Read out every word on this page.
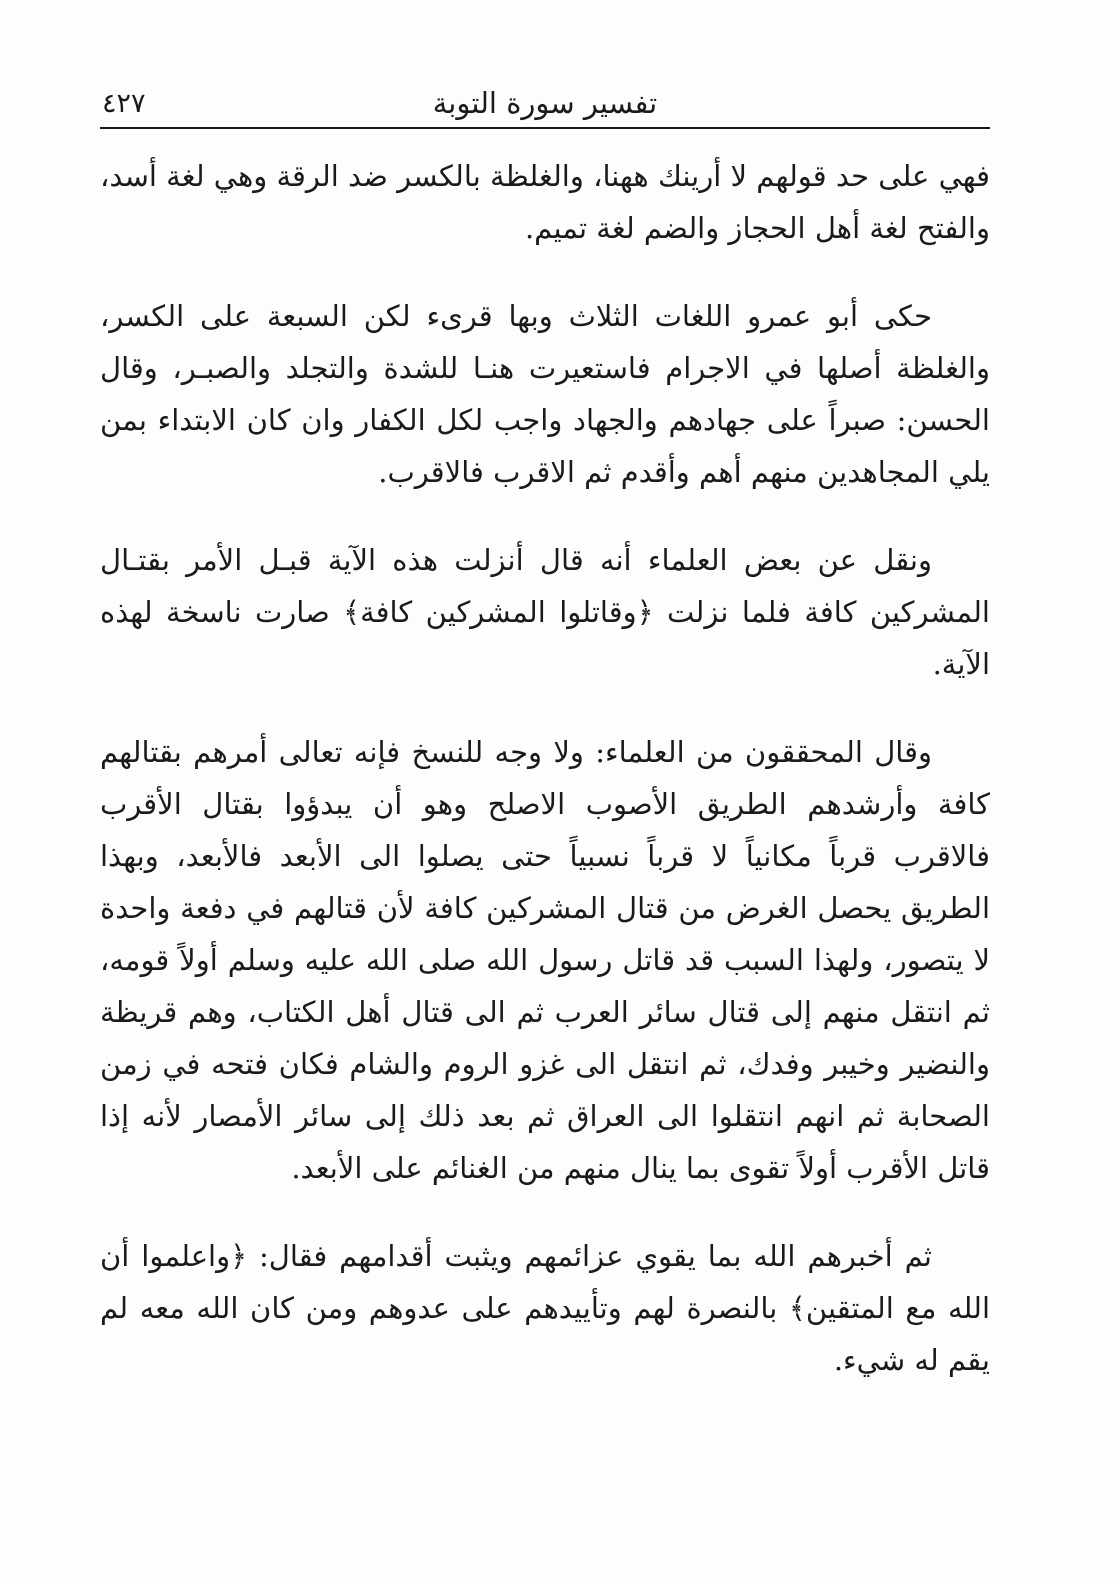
تفسير سورة التوبة
٤٢٧

فهي على حد قولهم لا أرينك ههنا، والغلظة بالكسر ضد الرقة وهي لغة أسد، والفتح لغة أهل الحجاز والضم لغة تميم.

حكى أبو عمرو اللغات الثلاث وبها قرىء لكن السبعة على الكسر، والغلظة أصلها في الاجرام فاستعيرت هنـا للشدة والتجلد والصبـر، وقال الحسن: صبراً على جهادهم والجهاد واجب لكل الكفار وان كان الابتداء بمن يلي المجاهدين منهم أهم وأقدم ثم الاقرب فالاقرب.

ونقل عن بعض العلماء أنه قال أنزلت هذه الآية قبـل الأمر بقتـال المشركين كافة فلما نزلت ﴿وقاتلوا المشركين كافة﴾ صارت ناسخة لهذه الآية.

وقال المحققون من العلماء: ولا وجه للنسخ فإنه تعالى أمرهم بقتالهم كافة وأرشدهم الطريق الأصوب الاصلح وهو أن يبدؤوا بقتال الأقرب فالاقرب قرباً مكانياً لا قرباً نسبياً حتى يصلوا الى الأبعد فالأبعد، وبهذا الطريق يحصل الغرض من قتال المشركين كافة لأن قتالهم في دفعة واحدة لا يتصور، ولهذا السبب قد قاتل رسول الله صلى الله عليه وسلم أولاً قومه، ثم انتقل منهم إلى قتال سائر العرب ثم الى قتال أهل الكتاب، وهم قريظة والنضير وخيبر وفدك، ثم انتقل الى غزو الروم والشام فكان فتحه في زمن الصحابة ثم انهم انتقلوا الى العراق ثم بعد ذلك إلى سائر الأمصار لأنه إذا قاتل الأقرب أولاً تقوى بما ينال منهم من الغنائم على الأبعد.

ثم أخبرهم الله بما يقوي عزائمهم ويثبت أقدامهم فقال: ﴿واعلموا أن الله مع المتقين﴾ بالنصرة لهم وتأييدهم على عدوهم ومن كان الله معه لم يقم له شيء.
